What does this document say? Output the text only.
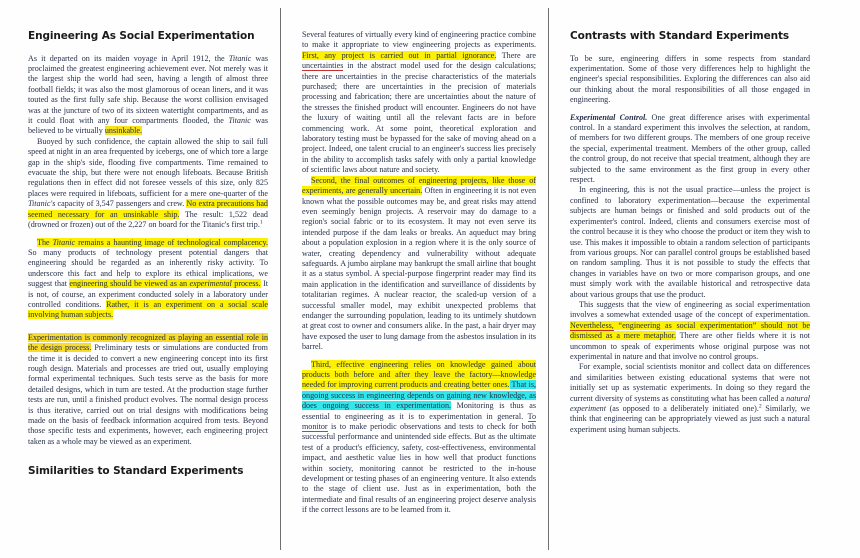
Engineering As Social Experimentation

As it departed on its maiden voyage in April 1912, the Titanic was proclaimed the greatest engineering achievement ever. Not merely was it the largest ship the world had seen, having a length of almost three football fields; it was also the most glamorous of ocean liners, and it was touted as the first fully safe ship. Because the worst collision envisaged was at the juncture of two of its sixteen watertight compartments, and as it could float with any four compartments flooded, the Titanic was believed to be virtually unsinkable.

Buoyed by such confidence, the captain allowed the ship to sail full speed at night in an area frequented by icebergs, one of which tore a large gap in the ship's side, flooding five compartments. Time remained to evacuate the ship, but there were not enough lifeboats. Because British regulations then in effect did not foresee vessels of this size, only 825 places were required in lifeboats, sufficient for a mere one-quarter of the Titanic's capacity of 3,547 passengers and crew. No extra precautions had seemed necessary for an unsinkable ship. The result: 1,522 dead (drowned or frozen) out of the 2,227 on board for the Titanic's first trip.$^1$

The Titanic remains a haunting image of technological complacency. So many products of technology present potential dangers that engineering should be regarded as an inherently risky activity. To underscore this fact and help to explore its ethical implications, we suggest that engineering should be viewed as an experimental process. It is not, of course, an experiment conducted solely in a laboratory under controlled conditions. Rather, it is an experiment on a social scale involving human subjects.

Experimentation is commonly recognized as playing an essential role in the design process. Preliminary tests or simulations are conducted from the time it is decided to convert a new engineering concept into its first rough design. Materials and processes are tried out, usually employing formal experimental techniques. Such tests serve as the basis for more detailed designs, which in turn are tested. At the production stage further tests are run, until a finished product evolves. The normal design process is thus iterative, carried out on trial designs with modifications being made on the basis of feedback information acquired from tests. Beyond those specific tests and experiments, however, each engineering project taken as a whole may be viewed as an experiment.

Similarities to Standard Experiments

Several features of virtually every kind of engineering practice combine to make it appropriate to view engineering projects as experiments. First, any project is carried out in partial ignorance. There are uncertainties in the abstract model used for the design calculations; there are uncertainties in the precise characteristics of the materials purchased; there are uncertainties in the precision of materials processing and fabrication; there are uncertainties about the nature of the stresses the finished product will encounter. Engineers do not have the luxury of waiting until all the relevant facts are in before commencing work. At some point, theoretical exploration and laboratory testing must be bypassed for the sake of moving ahead on a project. Indeed, one talent crucial to an engineer's success lies precisely in the ability to accomplish tasks safely with only a partial knowledge of scientific laws about nature and society.

Second, the final outcomes of engineering projects, like those of experiments, are generally uncertain. Often in engineering it is not even known what the possible outcomes may be, and great risks may attend even seemingly benign projects. A reservoir may do damage to a region's social fabric or to its ecosystem. It may not even serve its intended purpose if the dam leaks or breaks. An aqueduct may bring about a population explosion in a region where it is the only source of water, creating dependency and vulnerability without adequate safeguards. A jumbo airplane may bankrupt the small airline that bought it as a status symbol. A special-purpose fingerprint reader may find its main application in the identification and surveillance of dissidents by totalitarian regimes. A nuclear reactor, the scaled-up version of a successful smaller model, may exhibit unexpected problems that endanger the surrounding population, leading to its untimely shutdown at great cost to owner and consumers alike. In the past, a hair dryer may have exposed the user to lung damage from the asbestos insulation in its barrel.

Third, effective engineering relies on knowledge gained about products both before and after they leave the factory—knowledge needed for improving current products and creating better ones. That is, ongoing success in engineering depends on gaining new knowledge, as does ongoing success in experimentation. Monitoring is thus as essential to engineering as it is to experimentation in general. To monitor is to make periodic observations and tests to check for both successful performance and unintended side effects. But as the ultimate test of a product's efficiency, safety, cost-effectiveness, environmental impact, and aesthetic value lies in how well that product functions within society, monitoring cannot be restricted to the in-house development or testing phases of an engineering venture. It also extends to the stage of client use. Just as in experimentation, both the intermediate and final results of an engineering project deserve analysis if the correct lessons are to be learned from it.

Contrasts with Standard Experiments

To be sure, engineering differs in some respects from standard experimentation. Some of those very differences help to highlight the engineer's special responsibilities. Exploring the differences can also aid our thinking about the moral responsibilities of all those engaged in engineering.

Experimental Control. One great difference arises with experimental control. In a standard experiment this involves the selection, at random, of members for two different groups. The members of one group receive the special, experimental treatment. Members of the other group, called the control group, do not receive that special treatment, although they are subjected to the same environment as the first group in every other respect.

In engineering, this is not the usual practice—unless the project is confined to laboratory experimentation—because the experimental subjects are human beings or finished and sold products out of the experimenter's control. Indeed, clients and consumers exercise most of the control because it is they who choose the product or item they wish to use. This makes it impossible to obtain a random selection of participants from various groups. Nor can parallel control groups be established based on random sampling. Thus it is not possible to study the effects that changes in variables have on two or more comparison groups, and one must simply work with the available historical and retrospective data about various groups that use the product.

This suggests that the view of engineering as social experimentation involves a somewhat extended usage of the concept of experimentation. Nevertheless, “engineering as social experimentation” should not be dismissed as a mere metaphor. There are other fields where it is not uncommon to speak of experiments whose original purpose was not experimental in nature and that involve no control groups.

For example, social scientists monitor and collect data on differences and similarities between existing educational systems that were not initially set up as systematic experiments. In doing so they regard the current diversity of systems as constituting what has been called a natural experiment (as opposed to a deliberately initiated one).$^2$ Similarly, we think that engineering can be appropriately viewed as just such a natural experiment using human subjects.
